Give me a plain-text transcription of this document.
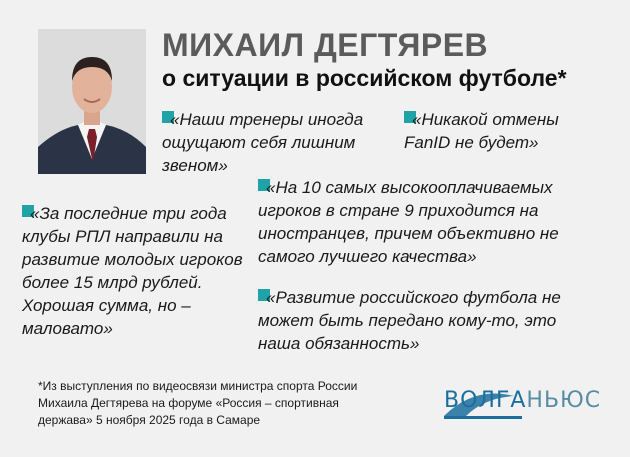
МИХАИЛ ДЕГТЯРЕВ
о ситуации в российском футболе*
«Наши тренеры иногда ощущают себя лишним звеном»
«Никакой отмены FanID не будет»
«На 10 самых высокооплачиваемых игроков в стране 9 приходится на иностранцев, причем объективно не самого лучшего качества»
«За последние три года клубы РПЛ направили на развитие молодых игроков более 15 млрд рублей. Хорошая сумма, но – маловато»
«Развитие российского футбола не может быть передано кому-то, это наша обязанность»
*Из выступления по видеосвязи министра спорта России Михаила Дегтярева на форуме «Россия – спортивная держава» 5 ноября 2025 года в Самаре
ВОЛГАНЬЮС
